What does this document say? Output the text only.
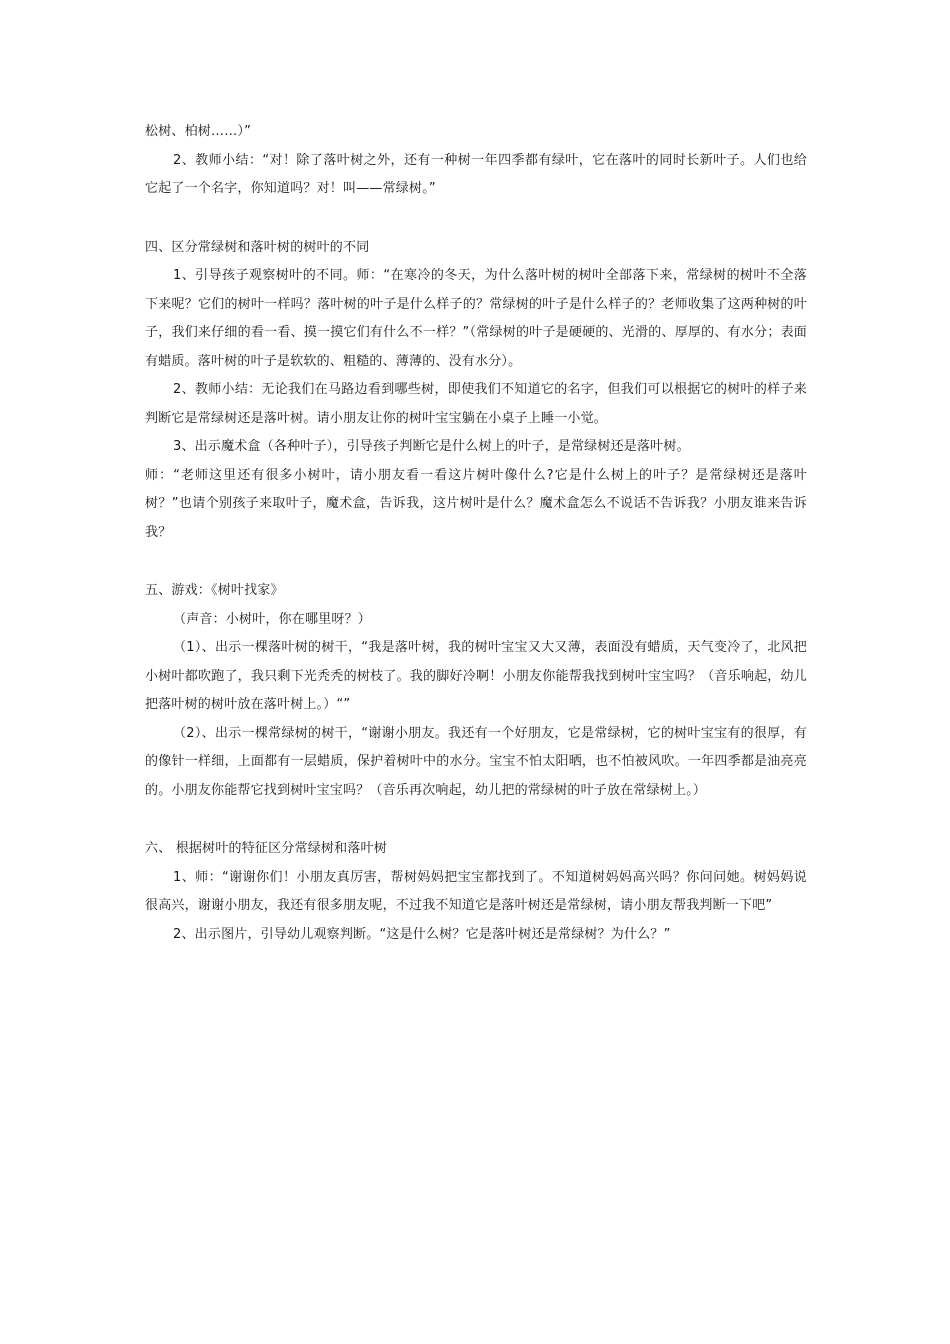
松树、柏树……）”

2、教师小结：“对！除了落叶树之外，还有一种树一年四季都有绿叶，它在落叶的同时长新叶子。人们也给它起了一个名字，你知道吗？对！叫——常绿树。”

四、区分常绿树和落叶树的树叶的不同

1、引导孩子观察树叶的不同。师：“在寒冷的冬天，为什么落叶树的树叶全部落下来，常绿树的树叶不全落下来呢？它们的树叶一样吗？落叶树的叶子是什么样子的？常绿树的叶子是什么样子的？老师收集了这两种树的叶子，我们来仔细的看一看、摸一摸它们有什么不一样？”（常绿树的叶子是硬硬的、光滑的、厚厚的、有水分；表面有蜡质。落叶树的叶子是软软的、粗糙的、薄薄的、没有水分）。

2、教师小结：无论我们在马路边看到哪些树，即使我们不知道它的名字，但我们可以根据它的树叶的样子来判断它是常绿树还是落叶树。请小朋友让你的树叶宝宝躺在小桌子上睡一小觉。

3、出示魔术盒（各种叶子），引导孩子判断它是什么树上的叶子，是常绿树还是落叶树。

师：“老师这里还有很多小树叶，请小朋友看一看这片树叶像什么?它是什么树上的叶子？是常绿树还是落叶树？”也请个别孩子来取叶子，魔术盒，告诉我，这片树叶是什么？魔术盒怎么不说话不告诉我？小朋友谁来告诉我？

五、游戏：《树叶找家》

（声音：小树叶，你在哪里呀？）

（1）、出示一棵落叶树的树干，“我是落叶树，我的树叶宝宝又大又薄，表面没有蜡质，天气变冷了，北风把小树叶都吹跑了，我只剩下光秃秃的树枝了。我的脚好冷啊！小朋友你能帮我找到树叶宝宝吗？（音乐响起，幼儿把落叶树的树叶放在落叶树上。）“”

（2）、出示一棵常绿树的树干，“谢谢小朋友。我还有一个好朋友，它是常绿树，它的树叶宝宝有的很厚，有的像针一样细，上面都有一层蜡质，保护着树叶中的水分。宝宝不怕太阳晒，也不怕被风吹。一年四季都是油亮亮的。小朋友你能帮它找到树叶宝宝吗？（音乐再次响起，幼儿把的常绿树的叶子放在常绿树上。）

六、 根据树叶的特征区分常绿树和落叶树

1、师：“谢谢你们！小朋友真厉害，帮树妈妈把宝宝都找到了。不知道树妈妈高兴吗？你问问她。树妈妈说很高兴，谢谢小朋友，我还有很多朋友呢，不过我不知道它是落叶树还是常绿树，请小朋友帮我判断一下吧”

2、出示图片，引导幼儿观察判断。“这是什么树？它是落叶树还是常绿树？为什么？”
